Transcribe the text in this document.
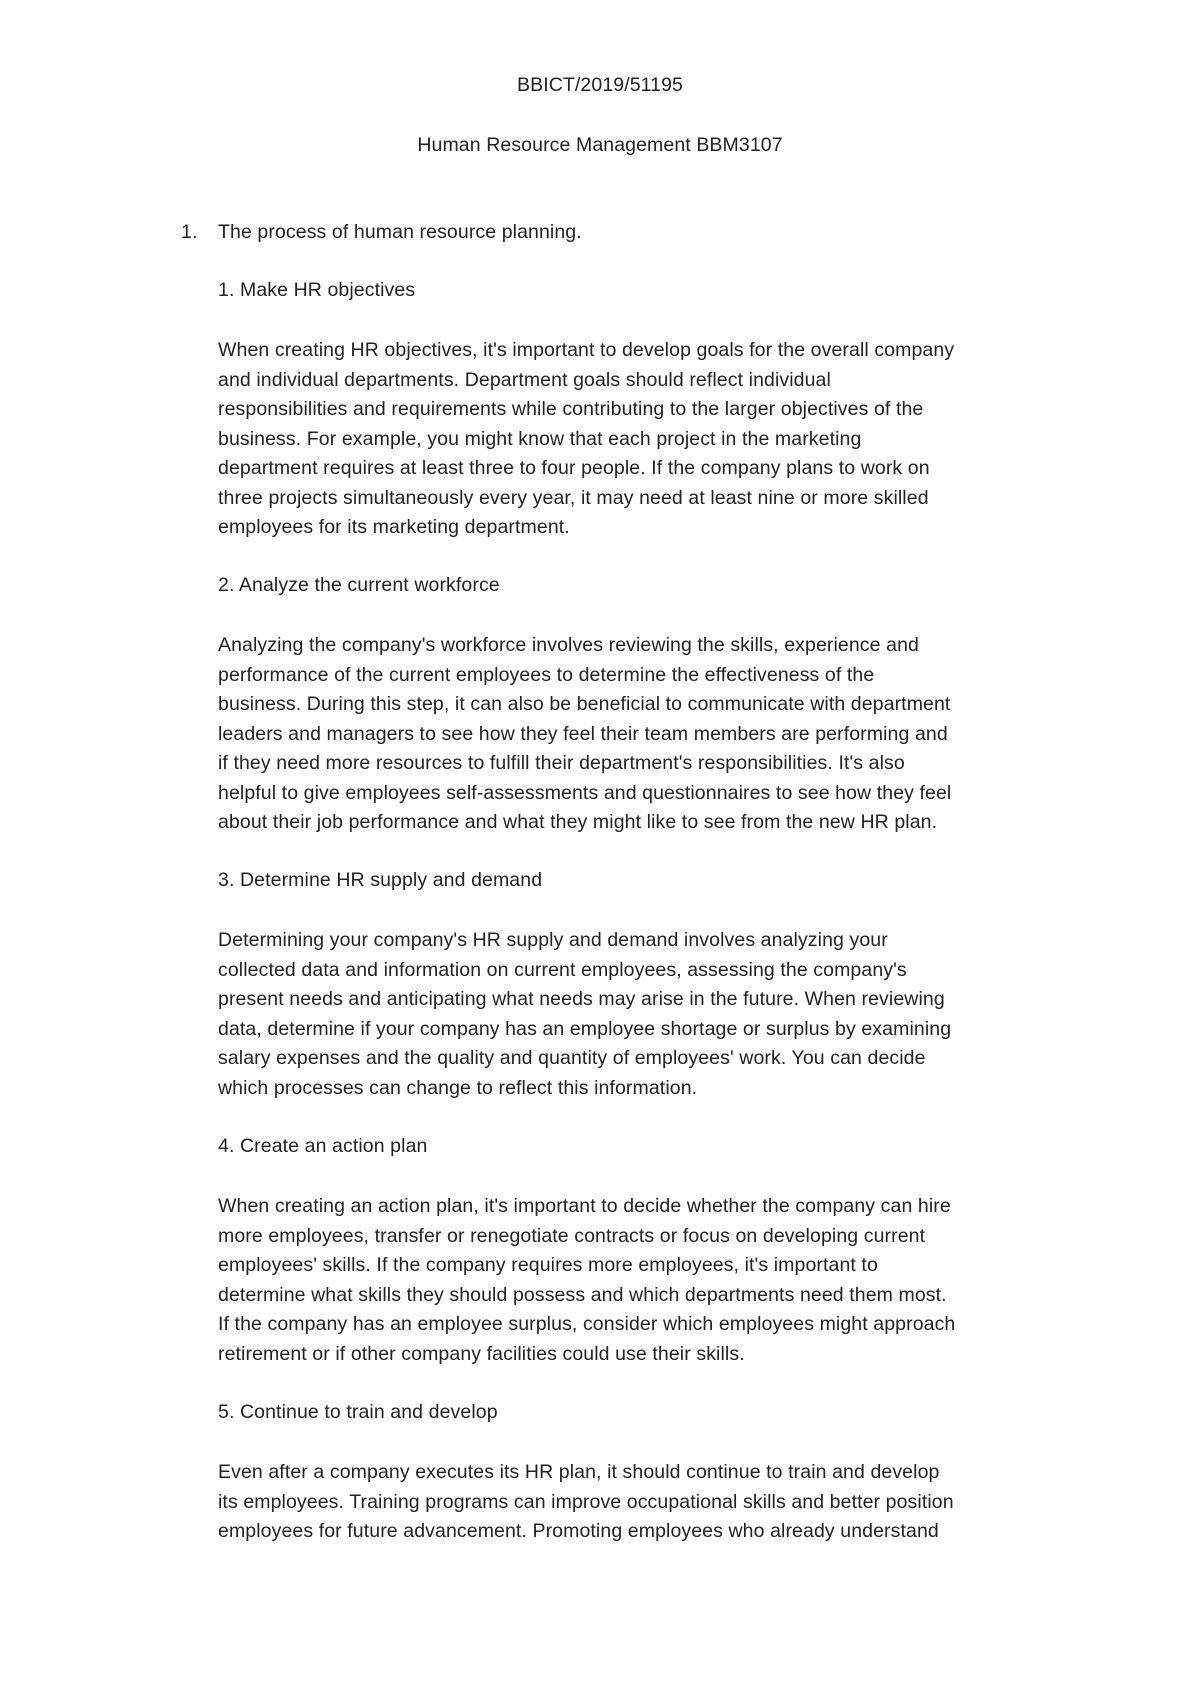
BBICT/2019/51195
Human Resource Management BBM3107
1. The process of human resource planning.
1. Make HR objectives
When creating HR objectives, it's important to develop goals for the overall company
and individual departments. Department goals should reflect individual
responsibilities and requirements while contributing to the larger objectives of the
business. For example, you might know that each project in the marketing
department requires at least three to four people. If the company plans to work on
three projects simultaneously every year, it may need at least nine or more skilled
employees for its marketing department.
2. Analyze the current workforce
Analyzing the company's workforce involves reviewing the skills, experience and
performance of the current employees to determine the effectiveness of the
business. During this step, it can also be beneficial to communicate with department
leaders and managers to see how they feel their team members are performing and
if they need more resources to fulfill their department's responsibilities. It's also
helpful to give employees self-assessments and questionnaires to see how they feel
about their job performance and what they might like to see from the new HR plan.
3. Determine HR supply and demand
Determining your company's HR supply and demand involves analyzing your
collected data and information on current employees, assessing the company's
present needs and anticipating what needs may arise in the future. When reviewing
data, determine if your company has an employee shortage or surplus by examining
salary expenses and the quality and quantity of employees' work. You can decide
which processes can change to reflect this information.
4. Create an action plan
When creating an action plan, it's important to decide whether the company can hire
more employees, transfer or renegotiate contracts or focus on developing current
employees' skills. If the company requires more employees, it's important to
determine what skills they should possess and which departments need them most.
If the company has an employee surplus, consider which employees might approach
retirement or if other company facilities could use their skills.
5. Continue to train and develop
Even after a company executes its HR plan, it should continue to train and develop
its employees. Training programs can improve occupational skills and better position
employees for future advancement. Promoting employees who already understand
